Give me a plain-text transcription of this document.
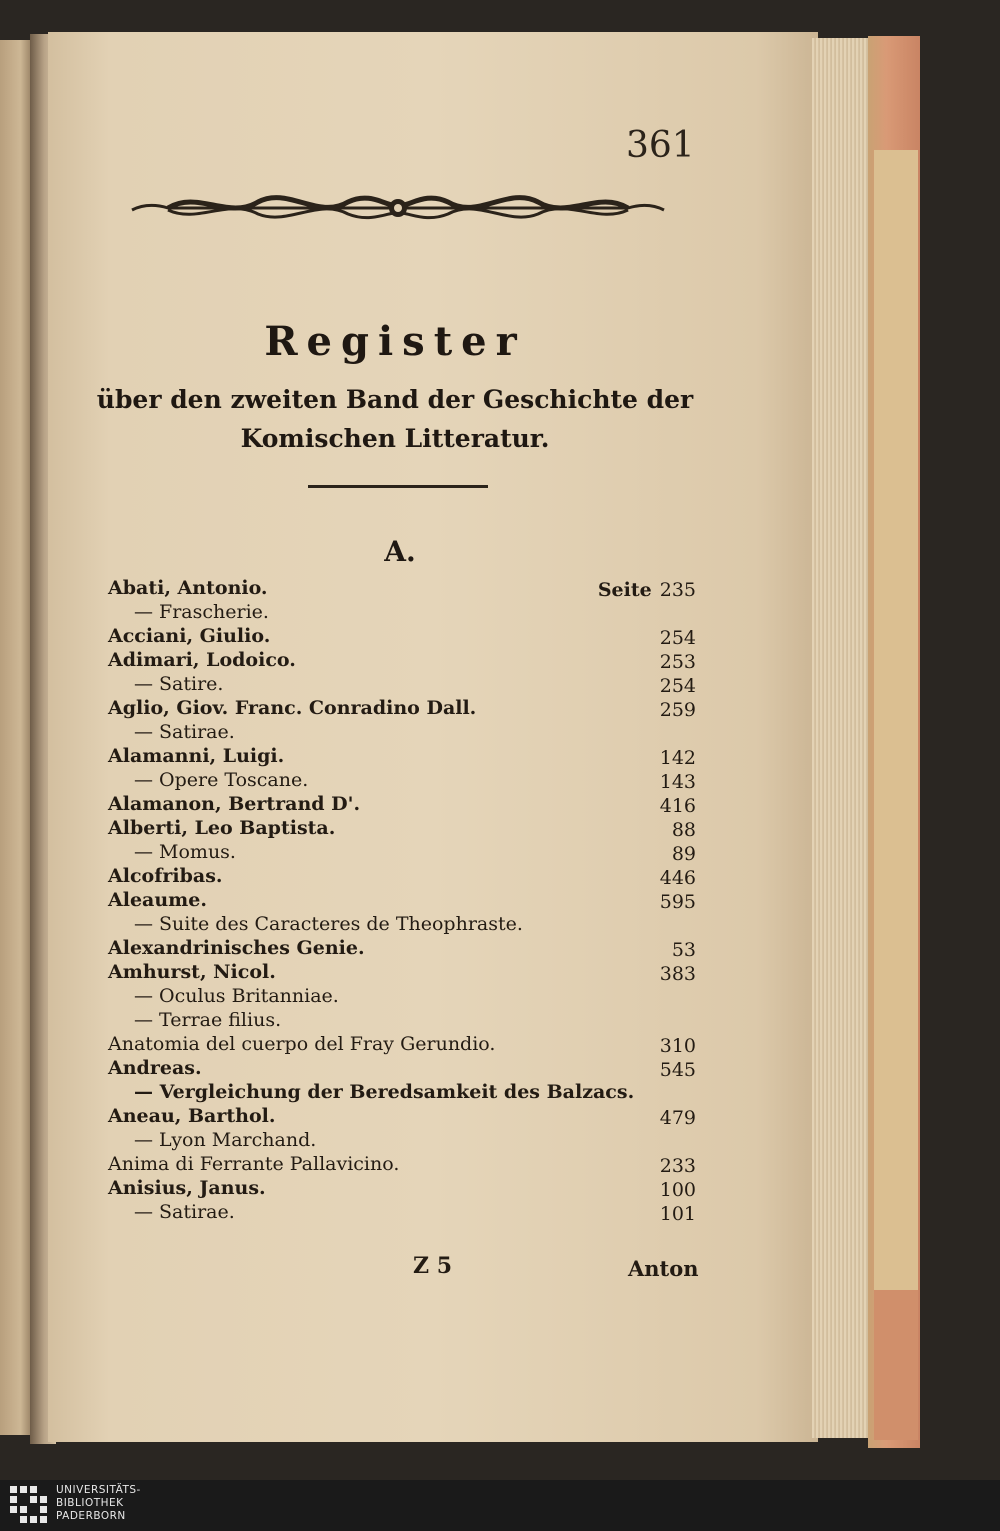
361
Register
über den zweiten Band der Geschichte der
Komischen Litteratur.
A.
Abati, Antonio.	Seite 235
— Frascherie.
Acciani, Giulio.	254
Adimari, Lodoico.	253
— Satire.	254
Aglio, Giov. Franc. Conradino Dall.	259
— Satirae.
Alamanni, Luigi.	142
— Opere Toscane.	143
Alamanon, Bertrand D'.	416
Alberti, Leo Baptista.	88
— Momus.	89
Alcofribas.	446
Aleaume.	595
— Suite des Caracteres de Theophraste.
Alexandrinisches Genie.	53
Amhurst, Nicol.	383
— Oculus Britanniae.
— Terrae filius.
Anatomia del cuerpo del Fray Gerundio.	310
Andreas.	545
— Vergleichung der Beredsamkeit des Balzacs.
Aneau, Barthol.	479
— Lyon Marchand.
Anima di Ferrante Pallavicino.	233
Anisius, Janus.	100
— Satirae.	101
Z 5	Anton
UNIVERSITÄTS-
BIBLIOTHEK
PADERBORN
